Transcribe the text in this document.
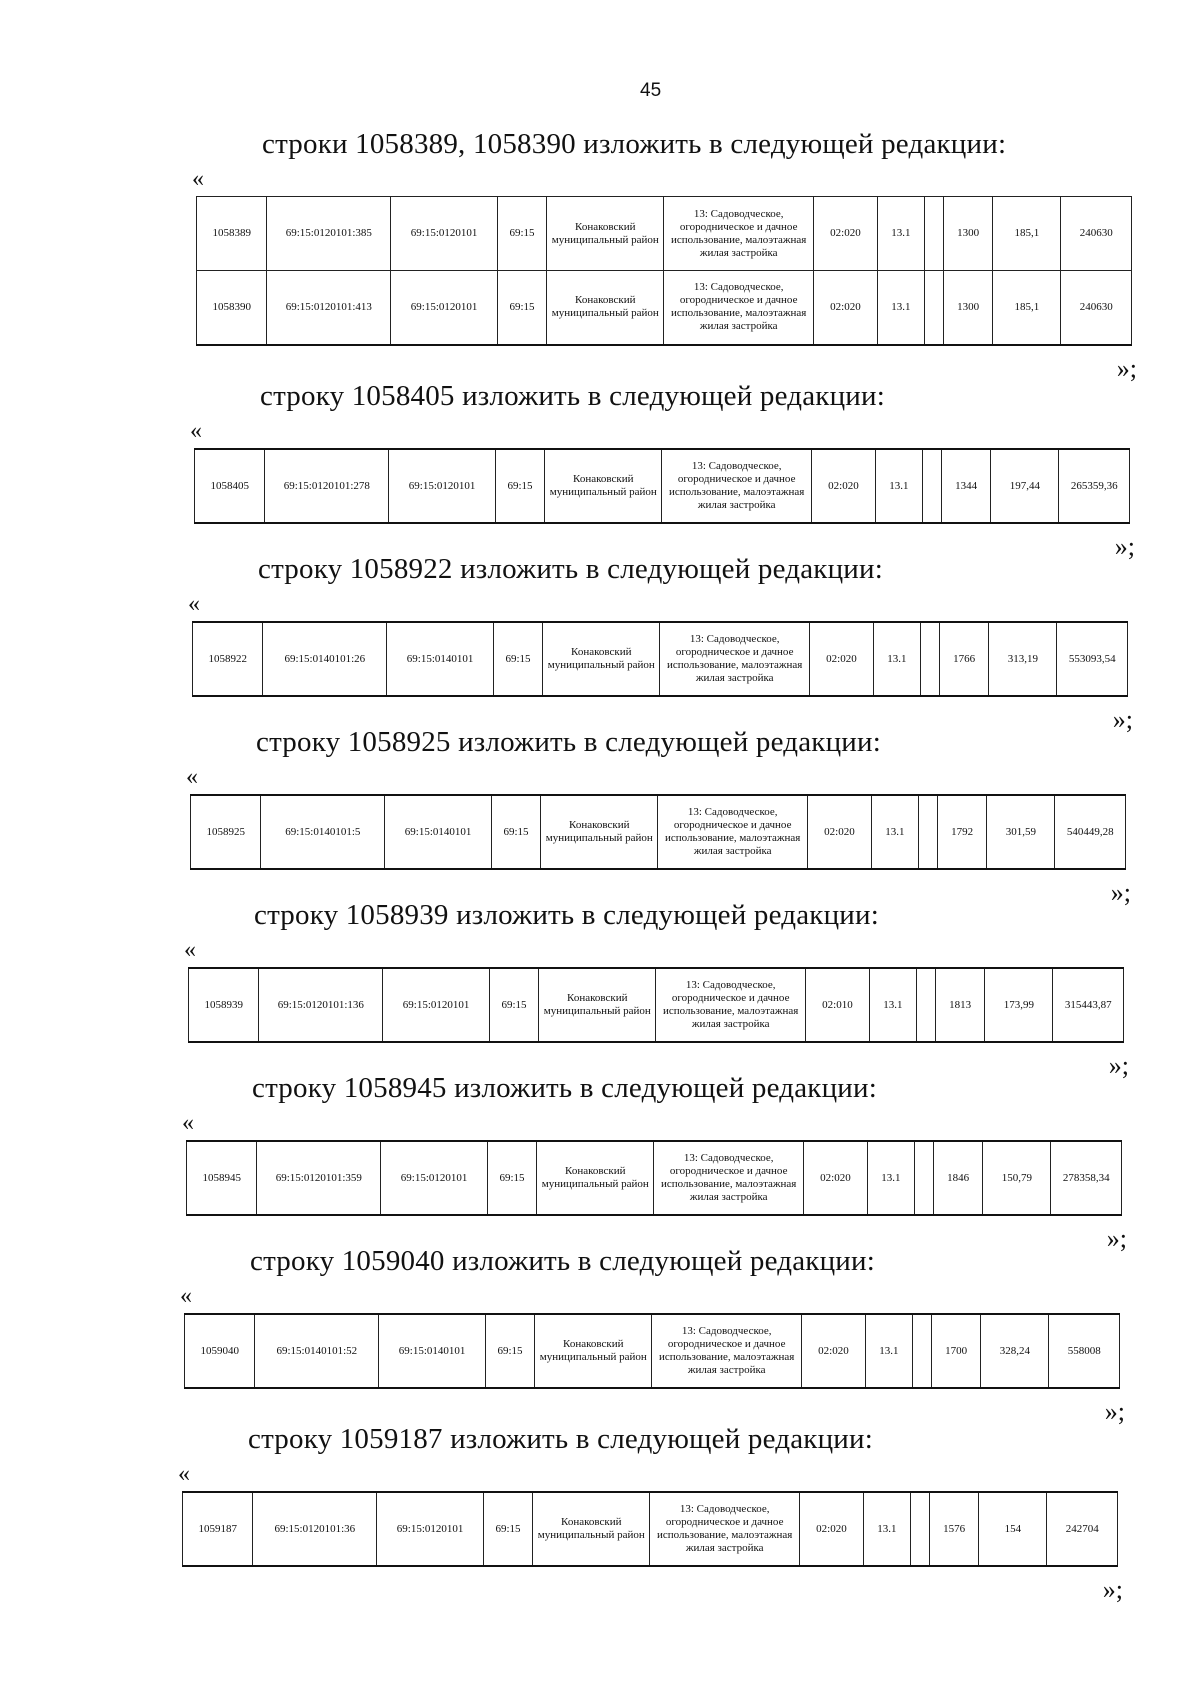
45
строки 1058389, 1058390 изложить в следующей редакции:
«
1058389	69:15:0120101:385	69:15:0120101	69:15	Конаковский муниципальный район	13: Садоводческое, огородническое и дачное использование, малоэтажная жилая застройка	02:020	13.1		1300	185,1	240630
1058390	69:15:0120101:413	69:15:0120101	69:15	Конаковский муниципальный район	13: Садоводческое, огородническое и дачное использование, малоэтажная жилая застройка	02:020	13.1		1300	185,1	240630
»;
строку 1058405 изложить в следующей редакции:
«
1058405	69:15:0120101:278	69:15:0120101	69:15	Конаковский муниципальный район	13: Садоводческое, огородническое и дачное использование, малоэтажная жилая застройка	02:020	13.1		1344	197,44	265359,36
»;
строку 1058922 изложить в следующей редакции:
«
1058922	69:15:0140101:26	69:15:0140101	69:15	Конаковский муниципальный район	13: Садоводческое, огородническое и дачное использование, малоэтажная жилая застройка	02:020	13.1		1766	313,19	553093,54
»;
строку 1058925 изложить в следующей редакции:
«
1058925	69:15:0140101:5	69:15:0140101	69:15	Конаковский муниципальный район	13: Садоводческое, огородническое и дачное использование, малоэтажная жилая застройка	02:020	13.1		1792	301,59	540449,28
»;
строку 1058939 изложить в следующей редакции:
«
1058939	69:15:0120101:136	69:15:0120101	69:15	Конаковский муниципальный район	13: Садоводческое, огородническое и дачное использование, малоэтажная жилая застройка	02:010	13.1		1813	173,99	315443,87
»;
строку 1058945 изложить в следующей редакции:
«
1058945	69:15:0120101:359	69:15:0120101	69:15	Конаковский муниципальный район	13: Садоводческое, огородническое и дачное использование, малоэтажная жилая застройка	02:020	13.1		1846	150,79	278358,34
»;
строку 1059040 изложить в следующей редакции:
«
1059040	69:15:0140101:52	69:15:0140101	69:15	Конаковский муниципальный район	13: Садоводческое, огородническое и дачное использование, малоэтажная жилая застройка	02:020	13.1		1700	328,24	558008
»;
строку 1059187 изложить в следующей редакции:
«
1059187	69:15:0120101:36	69:15:0120101	69:15	Конаковский муниципальный район	13: Садоводческое, огородническое и дачное использование, малоэтажная жилая застройка	02:020	13.1		1576	154	242704
»;
